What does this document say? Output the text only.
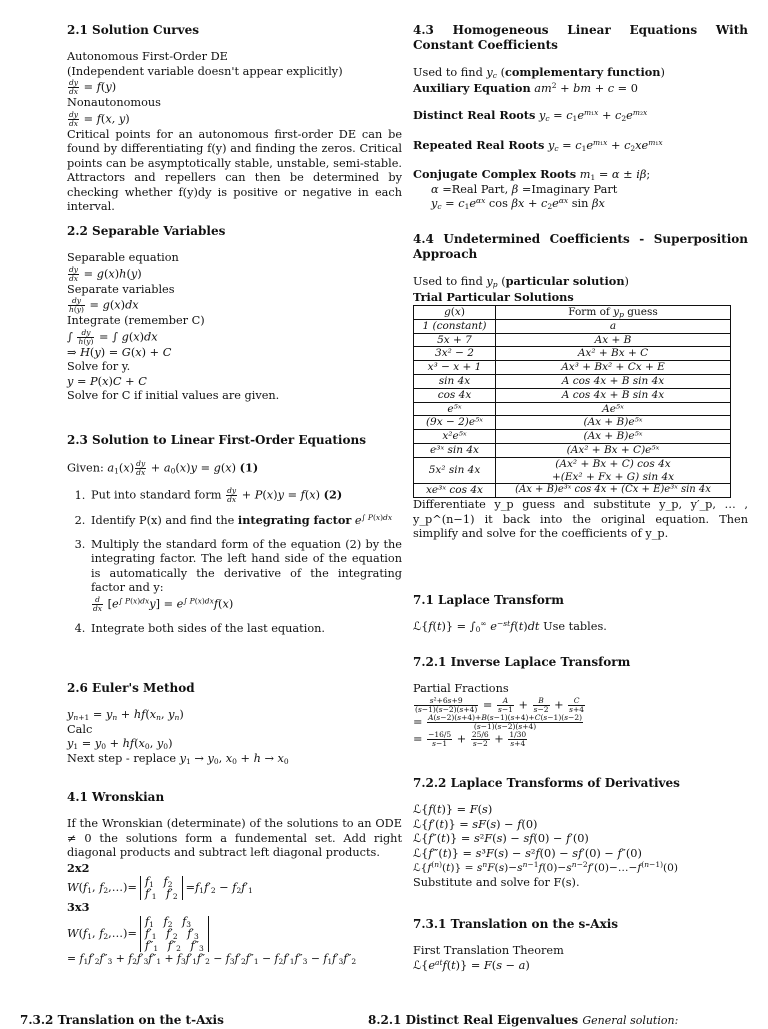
2.1 Solution Curves

Autonomous First-Order DE

(Independent variable doesn't appear explicitly)

$\frac{dy}{dx} = f(y)$

Nonautonomous

$\frac{dy}{dx} = f(x$, y)

Critical points for an autonomous first-order DE can be found by differentiating f(y) and finding the zeros. Critical points can be asymptotically stable, unstable, semi-stable. Attractors and repellers can then be determined by checking whether f(y)dy is positive or negative in each interval.

2.2 Separable Variables

Separable equation

$\frac{dy}{dx} = g(x)h(y)$

Separate variables

$\frac{dy}{h(y)} = g(x)dx$

Integrate (remember C)

∫ $\frac{dy}{h(y)}$ = ∫ g(x)dx

⇒ H(y) = G(x) + C

Solve for y.

y = P(x)C + C

Solve for C if initial values are given.

2.3 Solution to Linear First-Order Equations

Given: $a_1(x) \frac{dy}{dx} + a_0(x)y = g(x)$ (1)

1. Put into standard form $\frac{dy}{dx} + P(x)y = f(x)$ (2)
2. Identify P(x) and find the integrating factor $e^{\int P(x)dx}$
3. Multiply the standard form of the equation (2) by the integrating factor. The left hand side of the equation is automatically the derivative of the integrating factor and y:

$\frac{d}{dx} [e^{\int P(x)dx}y] = e^{\int P(x)dx}f(x)$
4. Integrate both sides of the last equation.
2.6 Euler's Method

$y_{n+1} = y_n + hf(x_n$, $y_n$)

Calc

$y_1 = y_0 + hf(x_0$, $y_0$)

Next step - replace $y_1 \to y_0$, $x_0 + h \to x_0$

4.1 Wronskian

If the Wronskian (determinate) of the solutions to an ODE ≠ 0 the solutions form a fundemental set. Add right diagonal products and subtract left diagonal products.

2x2

$W(f_1$, $f_2,\dots)= f_1$ $f_2$
$f'_1$ $f'_2$
$=f_1f'_2 - f_2f'_1$

3x3

$W(f_1$, $f_2,\dots)=$
$f_1$ $f_2$ $f_3$
$f'_1$ $f'_2$ $f'_3$
$f''_1$ $f''_2$ $f''_3$

= $f_1f'_2f''_3 + f_2f'_3f''_1 + f_3f'_1f''_2 - f_3f'_2f''_1 - f_2f'_1f''_3 - f_1f'_3f''_2$

4.3 Homogeneous Linear Equations With Constant Coefficients

Used to find $y_c$ (complementary function)

Auxiliary Equation $am^2$ + bm + c = 0

Distinct Real Roots $y_c = c_1e^{m_1x} + c_2e^{m_2x}$

Repeated Real Roots $y_c = c_1e^{m_1x} + c_2xe^{m_1x}$

Conjugate Complex Roots $m_1 = \alpha \pm i\beta$;

α =Real Part, β =Imaginary Part

$y_c = c_1e^{\alpha x}$ $\cos \beta x + c_2e^{\alpha x}$ sin βx

4.4 Undetermined Coefficients - Superposition Approach

Used to find $y_p$ (particular solution)

Trial Particular Solutions

g(x)	Form of $y_p$ guess
1 (constant)	a
5x + 7	Ax + B
3x² − 2	Ax² + Bx + C
x³ − x + 1	Ax³ + Bx² + Cx + E
sin 4x	A cos 4x + B sin 4x
cos 4x	A cos 4x + B sin 4x
e⁵ˣ	Ae⁵ˣ
(9x − 2)e⁵ˣ	(Ax + B)e⁵ˣ
x²e⁵ˣ	(Ax + B)e⁵ˣ
e³ˣ sin 4x	(Ax² + Bx + C)e⁵ˣ
5x² sin 4x	(Ax² + Bx + C) cos 4x
+(Ex² + Fx + G) sin 4x
xe³ˣ cos 4x	(Ax + B)e³ˣ cos 4x + (Cx + E)e³ˣ sin 4x

Differentiate y_p guess and substitute y_p, y′_p, … , y_p^(n−1) it back into the original equation. Then simplify and solve for the coefficients of y_p.

7.1 Laplace Transform

ℒ{f(t)} = $\int_0^\infty$ $e^{-st}f(t)dt$ Use tables.

7.2.1 Inverse Laplace Transform

Partial Fractions

$\frac{\text{s²+6s+9}}{(s-1)(s-2)(s+4)} = \frac{A}{s-1} + \frac{B}{s-2} + \frac{C}{s+4}$

= $\frac{A(s-2)(s+4)+B(s-1)(s+4)+C(s-1)(s-2)}{(s-1)(s-2)(s+4)}$

= $\frac{-16/5}{s-1} + \frac{25/6}{s-2} + \frac{1/30}{s+4}$

7.2.2 Laplace Transforms of Derivatives

ℒ{f(t)} = F(s)

ℒ{f′(t)} = sF(s) − f(0)

ℒ{f″(t)} = s²F(s) − sf(0) − f′(0)

ℒ{f‴(t)} = s³F(s) − s²f(0) − sf′(0) − f″(0)

$ℒ\{f^{(n)}(t)\}$ = $s^nF(s)-s^{n-1}f(0)-s^{n-2}f'(0)-\dots-f^{(n-1)}(0)$

Substitute and solve for F(s).

7.3.1 Translation on the s-Axis

First Translation Theorem

$ℒ\{e^{at}f(t)\} = F(s - a)$

7.3.2 Translation on the t-Axis	8.2.1 Distinct Real Eigenvalues General solution:
